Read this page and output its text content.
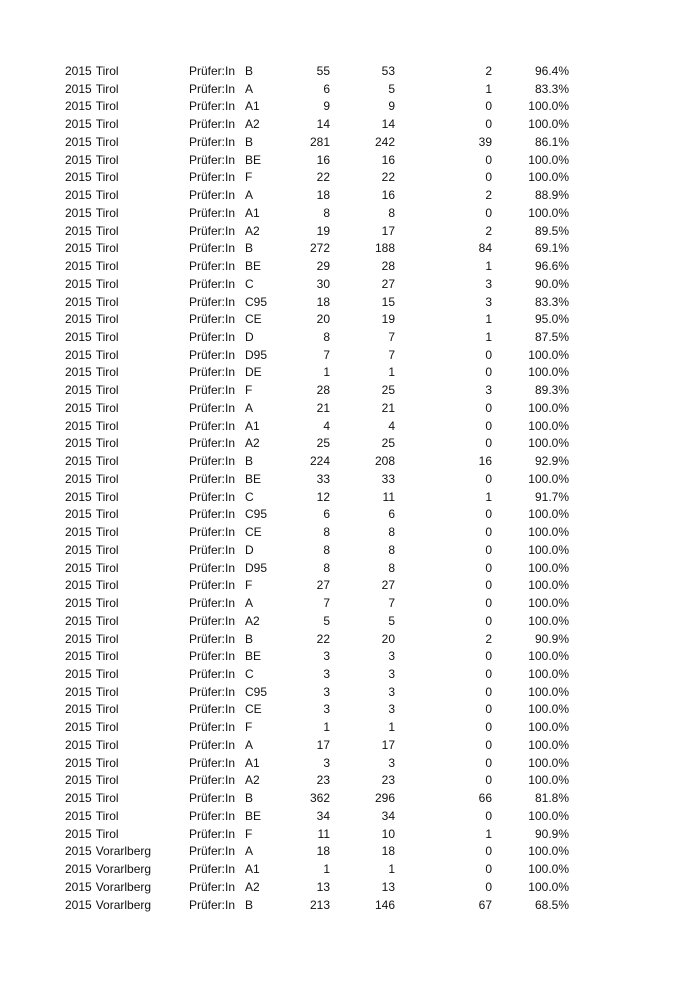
2015 Tirol	Prüfer:In B	55	53	2	96.4%
2015 Tirol	Prüfer:In A	6	5	1	83.3%
2015 Tirol	Prüfer:In A1	9	9	0	100.0%
2015 Tirol	Prüfer:In A2	14	14	0	100.0%
2015 Tirol	Prüfer:In B	281	242	39	86.1%
2015 Tirol	Prüfer:In BE	16	16	0	100.0%
2015 Tirol	Prüfer:In F	22	22	0	100.0%
2015 Tirol	Prüfer:In A	18	16	2	88.9%
2015 Tirol	Prüfer:In A1	8	8	0	100.0%
2015 Tirol	Prüfer:In A2	19	17	2	89.5%
2015 Tirol	Prüfer:In B	272	188	84	69.1%
2015 Tirol	Prüfer:In BE	29	28	1	96.6%
2015 Tirol	Prüfer:In C	30	27	3	90.0%
2015 Tirol	Prüfer:In C95	18	15	3	83.3%
2015 Tirol	Prüfer:In CE	20	19	1	95.0%
2015 Tirol	Prüfer:In D	8	7	1	87.5%
2015 Tirol	Prüfer:In D95	7	7	0	100.0%
2015 Tirol	Prüfer:In DE	1	1	0	100.0%
2015 Tirol	Prüfer:In F	28	25	3	89.3%
2015 Tirol	Prüfer:In A	21	21	0	100.0%
2015 Tirol	Prüfer:In A1	4	4	0	100.0%
2015 Tirol	Prüfer:In A2	25	25	0	100.0%
2015 Tirol	Prüfer:In B	224	208	16	92.9%
2015 Tirol	Prüfer:In BE	33	33	0	100.0%
2015 Tirol	Prüfer:In C	12	11	1	91.7%
2015 Tirol	Prüfer:In C95	6	6	0	100.0%
2015 Tirol	Prüfer:In CE	8	8	0	100.0%
2015 Tirol	Prüfer:In D	8	8	0	100.0%
2015 Tirol	Prüfer:In D95	8	8	0	100.0%
2015 Tirol	Prüfer:In F	27	27	0	100.0%
2015 Tirol	Prüfer:In A	7	7	0	100.0%
2015 Tirol	Prüfer:In A2	5	5	0	100.0%
2015 Tirol	Prüfer:In B	22	20	2	90.9%
2015 Tirol	Prüfer:In BE	3	3	0	100.0%
2015 Tirol	Prüfer:In C	3	3	0	100.0%
2015 Tirol	Prüfer:In C95	3	3	0	100.0%
2015 Tirol	Prüfer:In CE	3	3	0	100.0%
2015 Tirol	Prüfer:In F	1	1	0	100.0%
2015 Tirol	Prüfer:In A	17	17	0	100.0%
2015 Tirol	Prüfer:In A1	3	3	0	100.0%
2015 Tirol	Prüfer:In A2	23	23	0	100.0%
2015 Tirol	Prüfer:In B	362	296	66	81.8%
2015 Tirol	Prüfer:In BE	34	34	0	100.0%
2015 Tirol	Prüfer:In F	11	10	1	90.9%
2015 Vorarlberg	Prüfer:In A	18	18	0	100.0%
2015 Vorarlberg	Prüfer:In A1	1	1	0	100.0%
2015 Vorarlberg	Prüfer:In A2	13	13	0	100.0%
2015 Vorarlberg	Prüfer:In B	213	146	67	68.5%
